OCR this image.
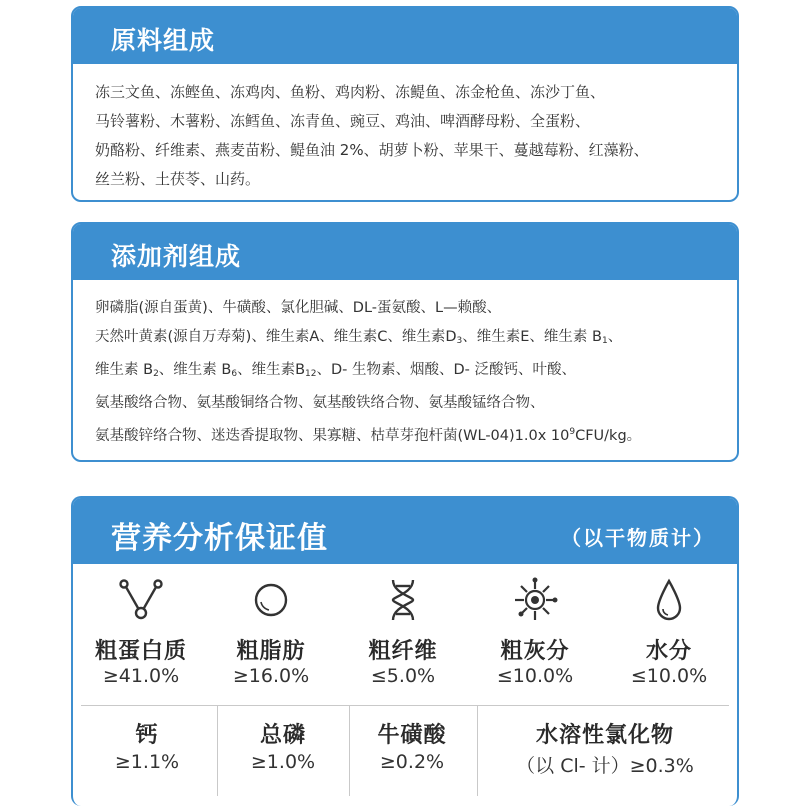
原料组成
冻三文鱼、冻鲣鱼、冻鸡肉、鱼粉、鸡肉粉、冻鳀鱼、冻金枪鱼、冻沙丁鱼、
马铃薯粉、木薯粉、冻鳕鱼、冻青鱼、豌豆、鸡油、啤酒酵母粉、全蛋粉、
奶酪粉、纤维素、燕麦苗粉、鳀鱼油 2%、胡萝卜粉、苹果干、蔓越莓粉、红藻粉、
丝兰粉、土茯苓、山药。
添加剂组成
卵磷脂(源自蛋黄)、牛磺酸、氯化胆碱、DL-蛋氨酸、L—赖酸、
天然叶黄素(源自万寿菊)、维生素A、维生素C、维生素$D_3$、维生素E、维生素 $B_1$、
维生素 $B_2$、维生素 $B_6$、维生素$B_{12}$、D- 生物素、烟酸、D- 泛酸钙、叶酸、
氨基酸络合物、氨基酸铜络合物、氨基酸铁络合物、氨基酸锰络合物、
氨基酸锌络合物、迷迭香提取物、果寡糖、枯草芽孢杆菌(WL-04)1.0x $10^9CFU/kg$。
营养分析保证值	（以干物质计）
粗蛋白质
≥41.0%
粗脂肪
≥16.0%
粗纤维
≤5.0%
粗灰分
≤10.0%
水分
≤10.0%
钙
≥1.1%
总磷
≥1.0%
牛磺酸
≥0.2%
水溶性氯化物
（以 Cl- 计）≥0.3%
